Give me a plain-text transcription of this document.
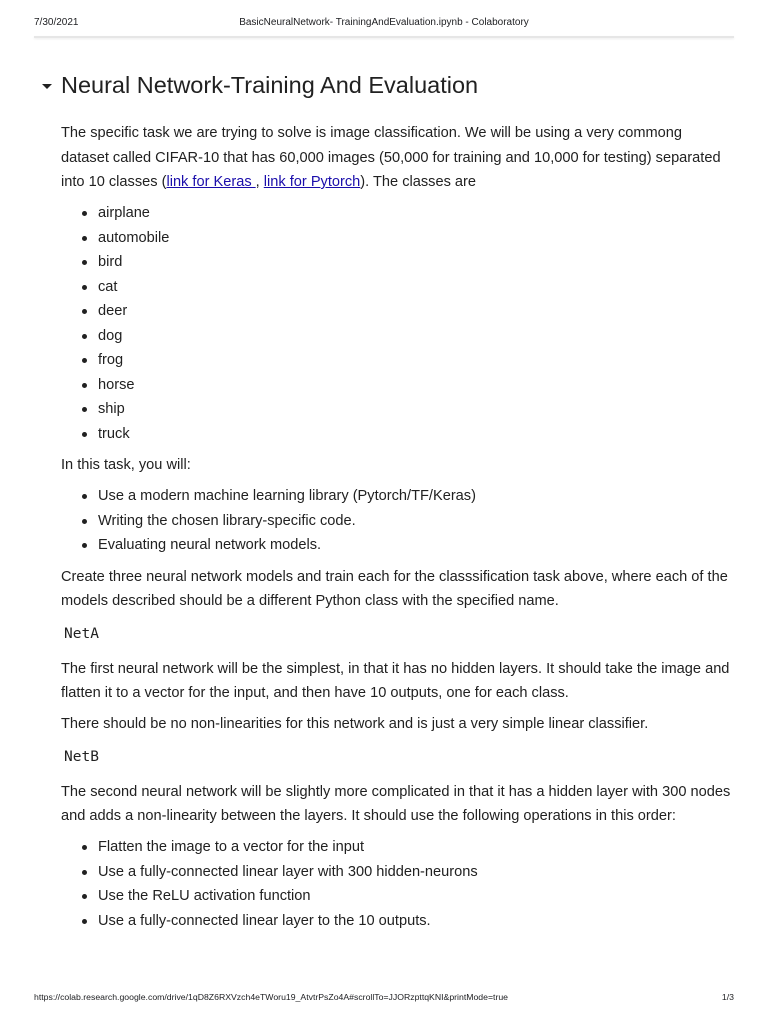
7/30/2021	BasicNeuralNetwork- TrainingAndEvaluation.ipynb - Colaboratory
Neural Network-Training And Evaluation

The specific task we are trying to solve is image classification. We will be using a very commong dataset called CIFAR-10 that has 60,000 images (50,000 for training and 10,000 for testing) separated into 10 classes (link for Keras , link for Pytorch). The classes are

airplane
automobile
bird
cat
deer
dog
frog
horse
ship
truck

In this task, you will:

Use a modern machine learning library (Pytorch/TF/Keras)
Writing the chosen library-specific code.
Evaluating neural network models.

Create three neural network models and train each for the classsification task above, where each of the models described should be a different Python class with the specified name.

NetA

The first neural network will be the simplest, in that it has no hidden layers. It should take the image and flatten it to a vector for the input, and then have 10 outputs, one for each class.

There should be no non-linearities for this network and is just a very simple linear classifier.

NetB

The second neural network will be slightly more complicated in that it has a hidden layer with 300 nodes and adds a non-linearity between the layers. It should use the following operations in this order:

Flatten the image to a vector for the input
Use a fully-connected linear layer with 300 hidden-neurons
Use the ReLU activation function
Use a fully-connected linear layer to the 10 outputs.
https://colab.research.google.com/drive/1qD8Z6RXVzch4eTWoru19_AtvtrPsZo4A#scrollTo=JJORzpttqKNI&printMode=true	1/3
